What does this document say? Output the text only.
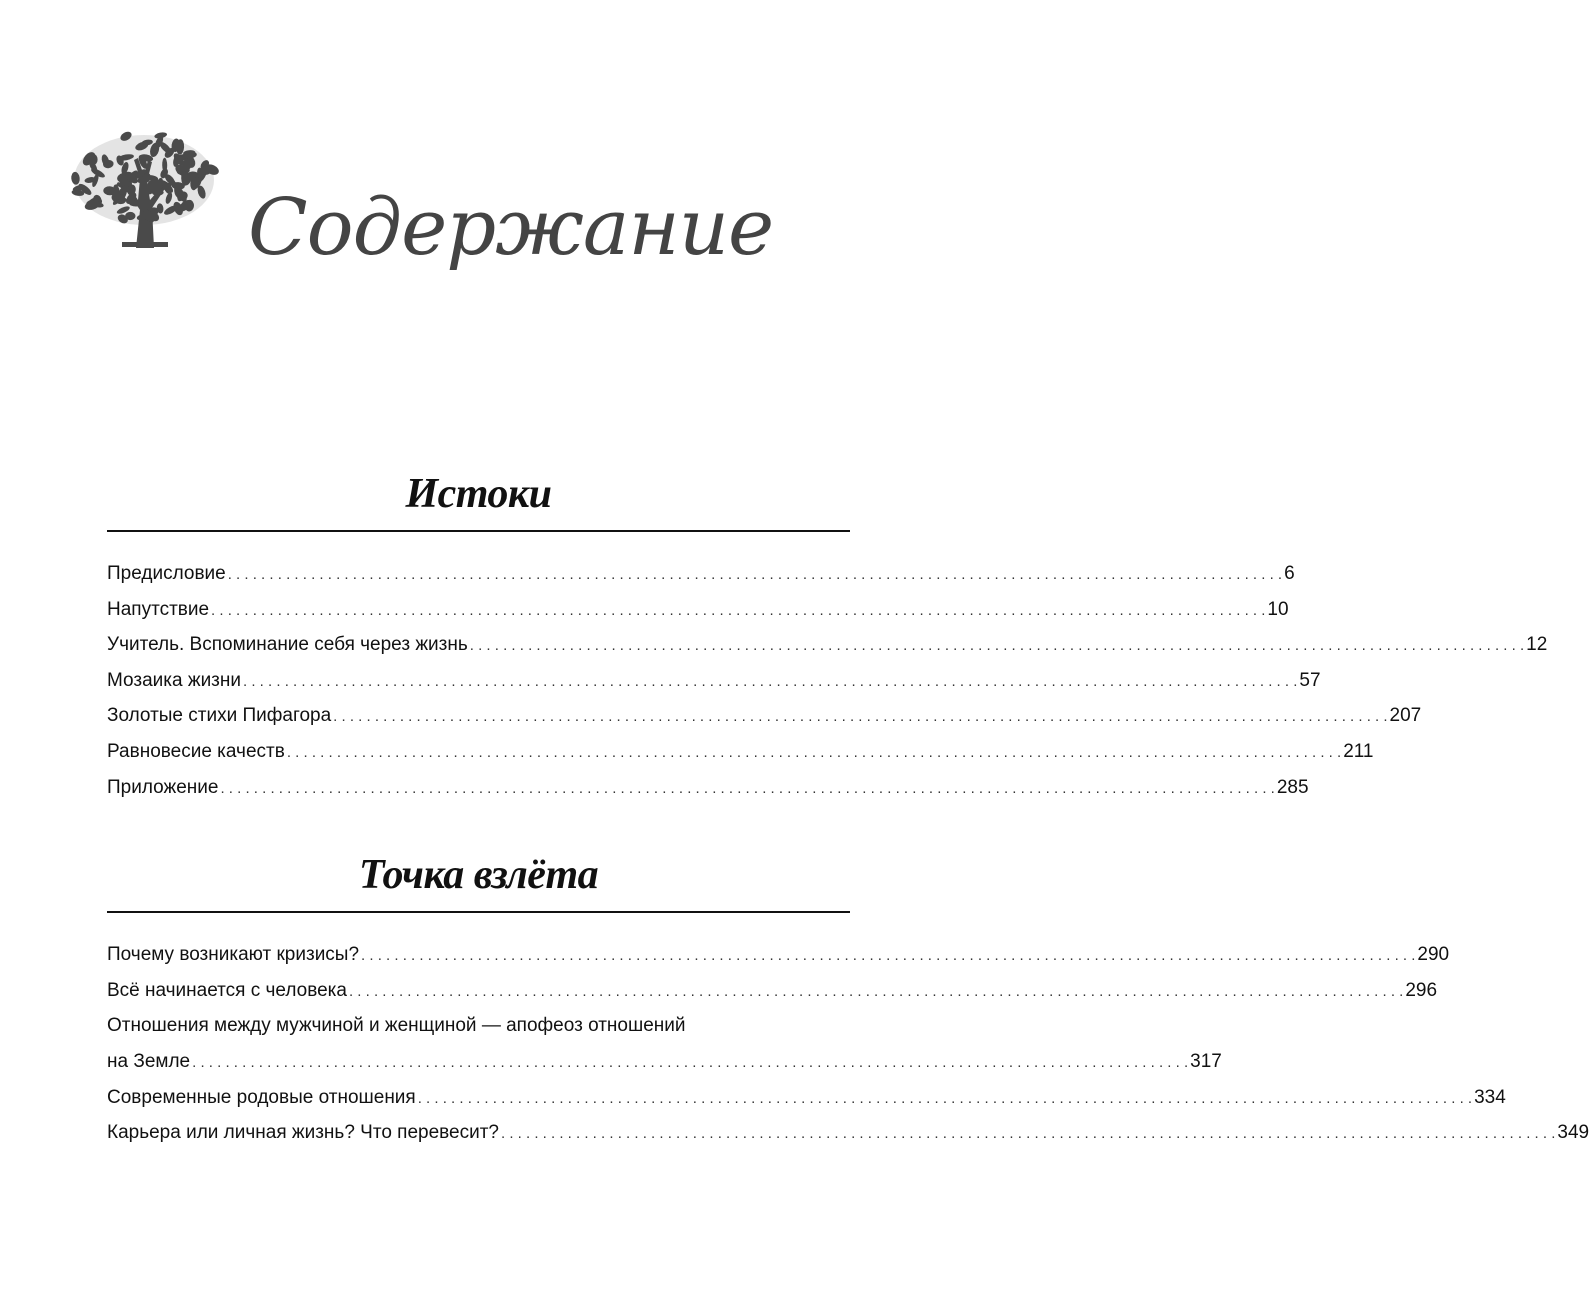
Содержание
Истоки
Предисловие . . .	6
Напутствие . . .	10
Учитель. Вспоминание себя через жизнь . . .	12
Мозаика жизни . . .	57
Золотые стихи Пифагора . . .	207
Равновесие качеств . . .	211
Приложение . . .	285
Точка взлёта
Почему возникают кризисы? . . .	290
Всё начинается с человека . . .	296
Отношения между мужчиной и женщиной — апофеоз отношений
на Земле . . . . . . . . . . . . . . . . . . . . . . . . . . . . . . . . . . . . . . . . . . . . . . . . . . . . . . . . . . . . . . . . . . . . . . . . . . . . . . . . . . . . . . . . . . . . . . . . . . . . . . . . . . . . . . . . . . . . . . . . 317
Современные родовые отношения . . .	334
Карьера или личная жизнь? Что перевесит? . . .	349
